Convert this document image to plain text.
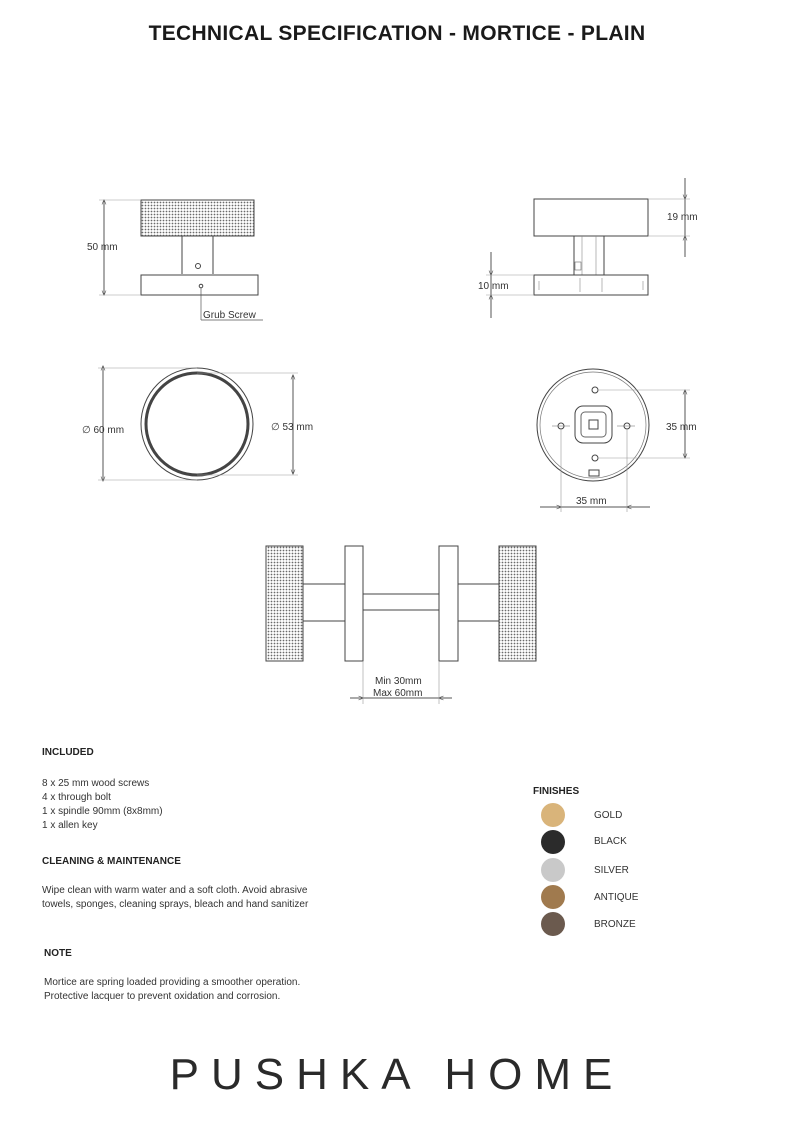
TECHNICAL SPECIFICATION - MORTICE - PLAIN
50 mm
Grub Screw
19 mm
10 mm
∅ 60 mm	∅ 53 mm	35 mm
35 mm
Min 30mm
Max 60mm
INCLUDED
8 x 25 mm wood screws
4 x through bolt
1 x spindle 90mm (8x8mm)
1 x allen key
CLEANING & MAINTENANCE
Wipe clean with warm water and a soft cloth. Avoid abrasive
towels, sponges, cleaning sprays, bleach and hand sanitizer
NOTE
Mortice are spring loaded providing a smoother operation.
Protective lacquer to prevent oxidation and corrosion.
FINISHES
GOLD
BLACK
SILVER
ANTIQUE
BRONZE
PUSHKA HOME
